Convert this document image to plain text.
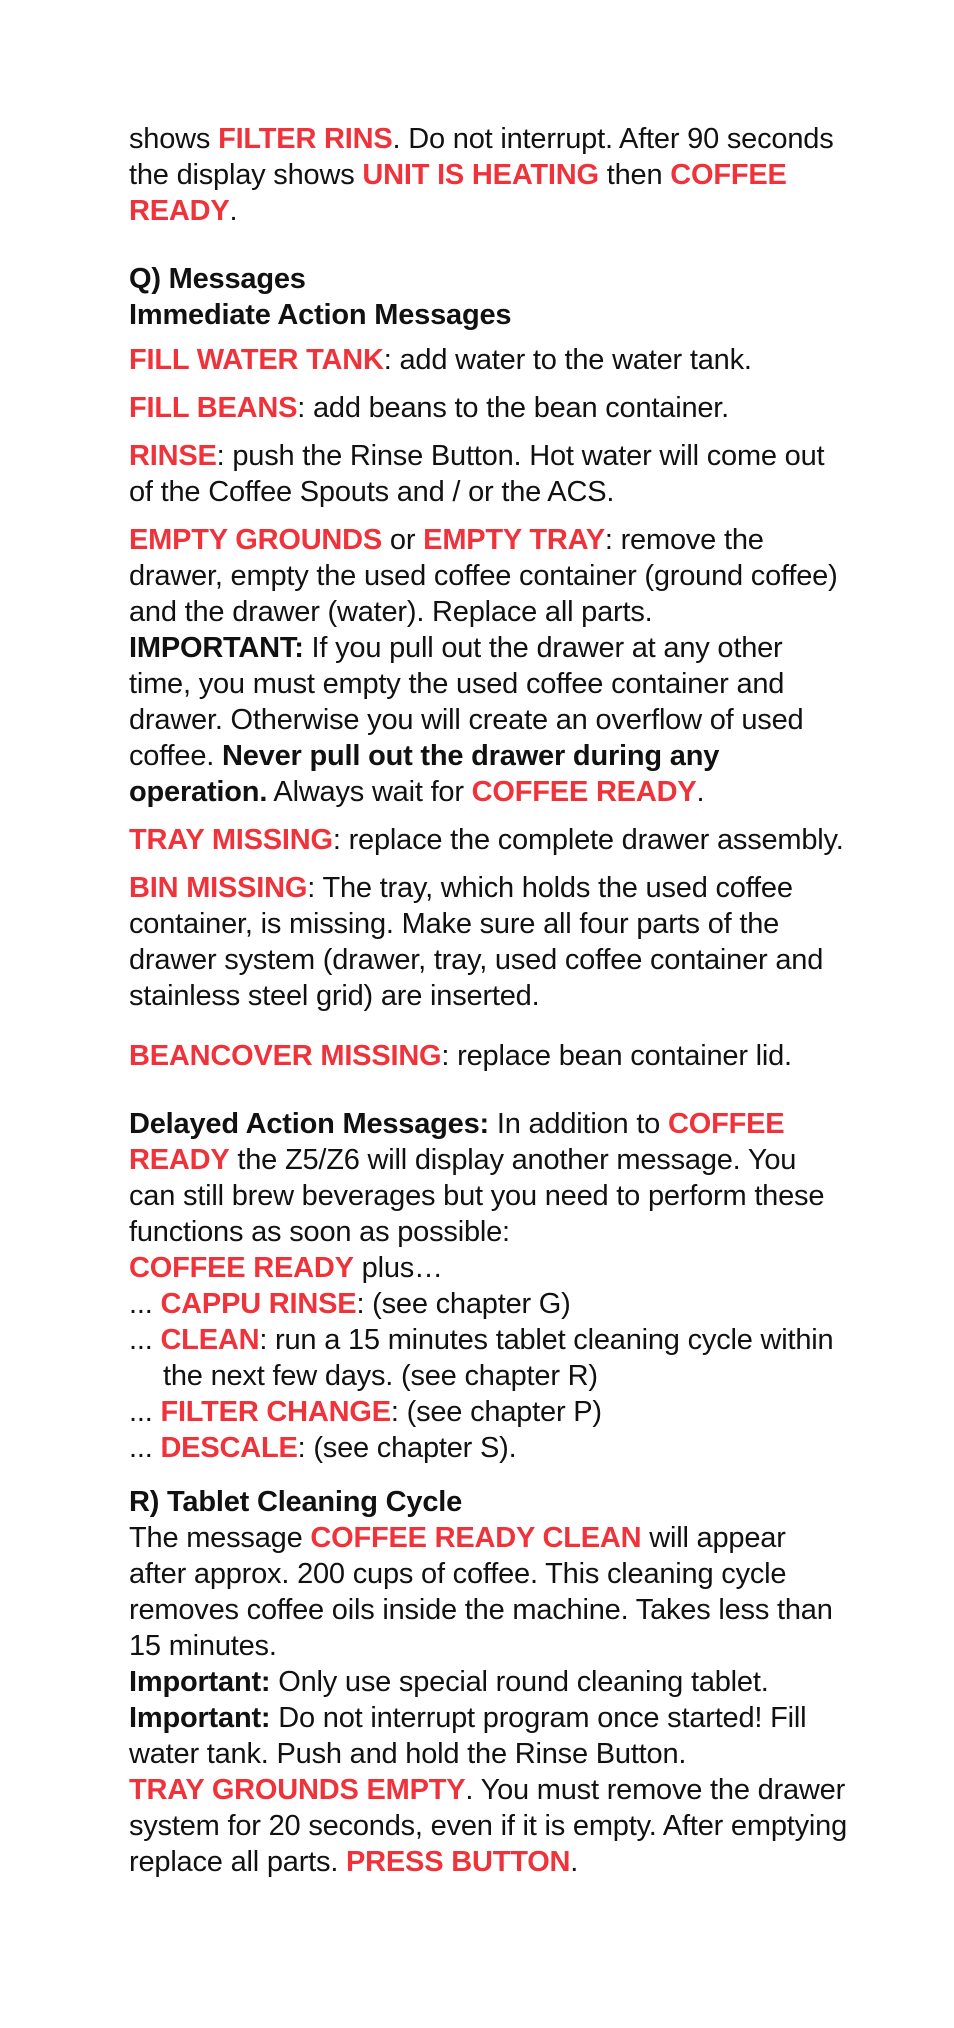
shows FILTER RINS. Do not interrupt. After 90 seconds the display shows UNIT IS HEATING then COFFEE READY.

Q) Messages

Immediate Action Messages

FILL WATER TANK: add water to the water tank.

FILL BEANS: add beans to the bean container.

RINSE: push the Rinse Button. Hot water will come out of the Coffee Spouts and / or the ACS.

EMPTY GROUNDS or EMPTY TRAY: remove the drawer, empty the used coffee container (ground coffee) and the drawer (water). Replace all parts.
IMPORTANT: If you pull out the drawer at any other time, you must empty the used coffee container and drawer. Otherwise you will create an overflow of used coffee. Never pull out the drawer during any operation. Always wait for COFFEE READY.

TRAY MISSING: replace the complete drawer assembly.

BIN MISSING: The tray, which holds the used coffee container, is missing. Make sure all four parts of the drawer system (drawer, tray, used coffee container and stainless steel grid) are inserted.

BEANCOVER MISSING: replace bean container lid.

Delayed Action Messages: In addition to COFFEE READY the Z5/Z6 will display another message. You can still brew beverages but you need to perform these functions as soon as possible:
COFFEE READY plus…

... CAPPU RINSE: (see chapter G)

... CLEAN: run a 15 minutes tablet cleaning cycle within the next few days. (see chapter R)

... FILTER CHANGE: (see chapter P)

... DESCALE: (see chapter S).

R) Tablet Cleaning Cycle

The message COFFEE READY CLEAN will appear after approx. 200 cups of coffee. This cleaning cycle removes coffee oils inside the machine. Takes less than 15 minutes.
Important: Only use special round cleaning tablet.
Important: Do not interrupt program once started! Fill water tank. Push and hold the Rinse Button.
TRAY GROUNDS EMPTY. You must remove the drawer system for 20 seconds, even if it is empty. After emptying replace all parts. PRESS BUTTON.
